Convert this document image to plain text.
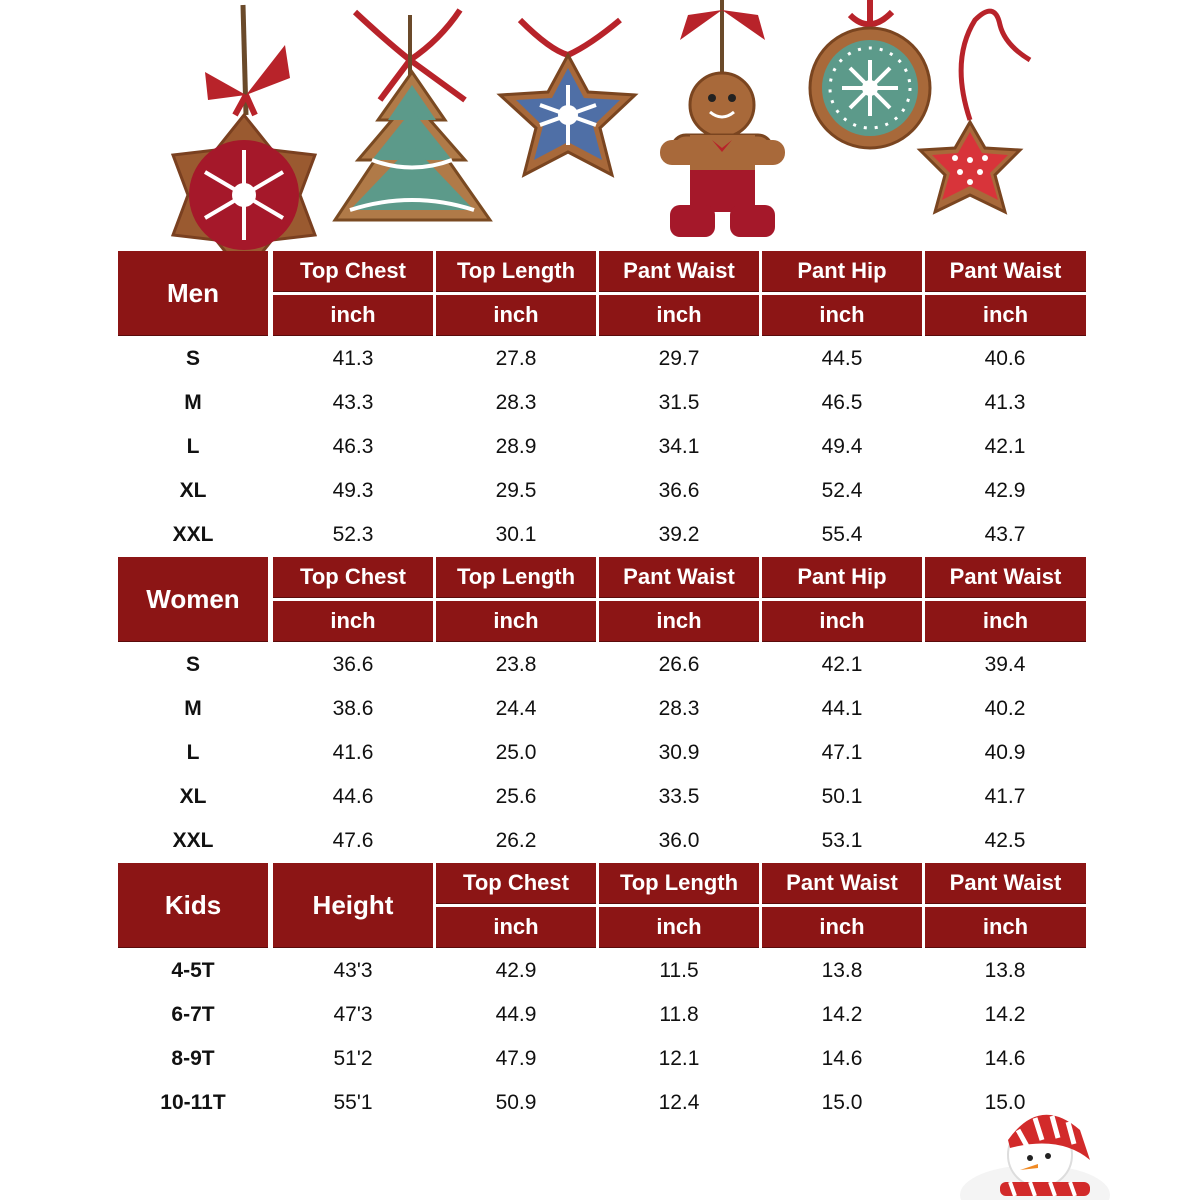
Men
Top Chest	Top Length	Pant Waist	Pant Hip	Pant Waist
inch	inch	inch	inch	inch
S	41.3	27.8	29.7	44.5	40.6
M	43.3	28.3	31.5	46.5	41.3
L	46.3	28.9	34.1	49.4	42.1
XL	49.3	29.5	36.6	52.4	42.9
XXL	52.3	30.1	39.2	55.4	43.7
Women
Top Chest	Top Length	Pant Waist	Pant Hip	Pant Waist
inch	inch	inch	inch	inch
S	36.6	23.8	26.6	42.1	39.4
M	38.6	24.4	28.3	44.1	40.2
L	41.6	25.0	30.9	47.1	40.9
XL	44.6	25.6	33.5	50.1	41.7
XXL	47.6	26.2	36.0	53.1	42.5
Kids	Height
Top Chest	Top Length	Pant Waist	Pant Waist
inch	inch	inch	inch
4-5T	43'3	42.9	11.5	13.8	13.8
6-7T	47'3	44.9	11.8	14.2	14.2
8-9T	51'2	47.9	12.1	14.6	14.6
10-11T	55'1	50.9	12.4	15.0	15.0
